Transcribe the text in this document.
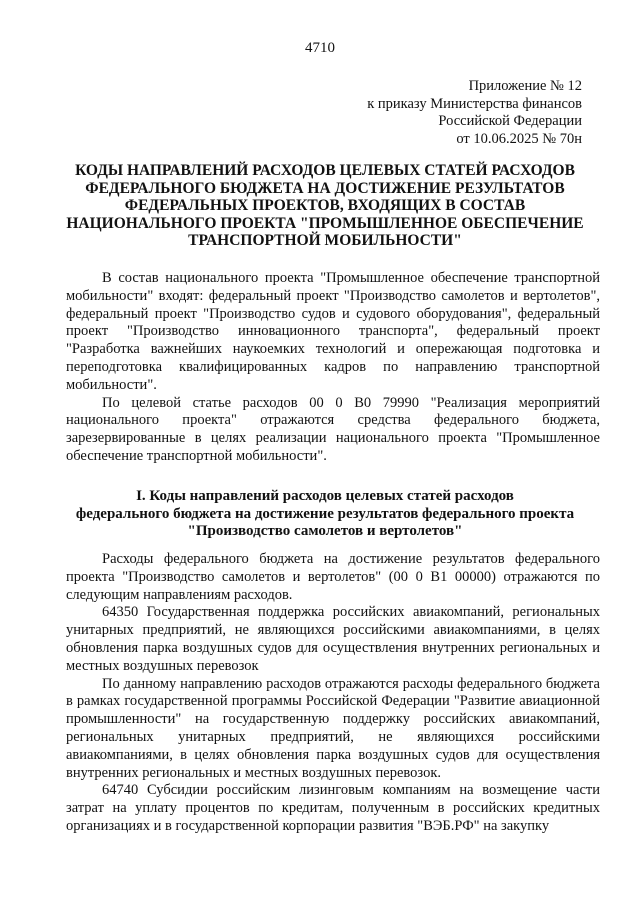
4710
Приложение № 12
к приказу Министерства финансов
Российской Федерации
от 10.06.2025 № 70н
КОДЫ НАПРАВЛЕНИЙ РАСХОДОВ ЦЕЛЕВЫХ СТАТЕЙ РАСХОДОВ
ФЕДЕРАЛЬНОГО БЮДЖЕТА НА ДОСТИЖЕНИЕ РЕЗУЛЬТАТОВ
ФЕДЕРАЛЬНЫХ ПРОЕКТОВ, ВХОДЯЩИХ В СОСТАВ
НАЦИОНАЛЬНОГО ПРОЕКТА "ПРОМЫШЛЕННОЕ ОБЕСПЕЧЕНИЕ
ТРАНСПОРТНОЙ МОБИЛЬНОСТИ"

В состав национального проекта "Промышленное обеспечение транспортной мобильности" входят: федеральный проект "Производство самолетов и вертолетов", федеральный проект "Производство судов и судового оборудования", федеральный проект "Производство инновационного транспорта", федеральный проект "Разработка важнейших наукоемких технологий и опережающая подготовка и переподготовка квалифицированных кадров по направлению транспортной мобильности".

По целевой статье расходов 00 0 В0 79990 "Реализация мероприятий национального проекта" отражаются средства федерального бюджета, зарезервированные в целях реализации национального проекта "Промышленное обеспечение транспортной мобильности".

I. Коды направлений расходов целевых статей расходов
федерального бюджета на достижение результатов федерального проекта
"Производство самолетов и вертолетов"

Расходы федерального бюджета на достижение результатов федерального проекта "Производство самолетов и вертолетов" (00 0 В1 00000) отражаются по следующим направлениям расходов.

64350 Государственная поддержка российских авиакомпаний, региональных унитарных предприятий, не являющихся российскими авиакомпаниями, в целях обновления парка воздушных судов для осуществления внутренних региональных и местных воздушных перевозок

По данному направлению расходов отражаются расходы федерального бюджета в рамках государственной программы Российской Федерации "Развитие авиационной промышленности" на государственную поддержку российских авиакомпаний, региональных унитарных предприятий, не являющихся российскими авиакомпаниями, в целях обновления парка воздушных судов для осуществления внутренних региональных и местных воздушных перевозок.

64740 Субсидии российским лизинговым компаниям на возмещение части затрат на уплату процентов по кредитам, полученным в российских кредитных организациях и в государственной корпорации развития "ВЭБ.РФ" на закупку
